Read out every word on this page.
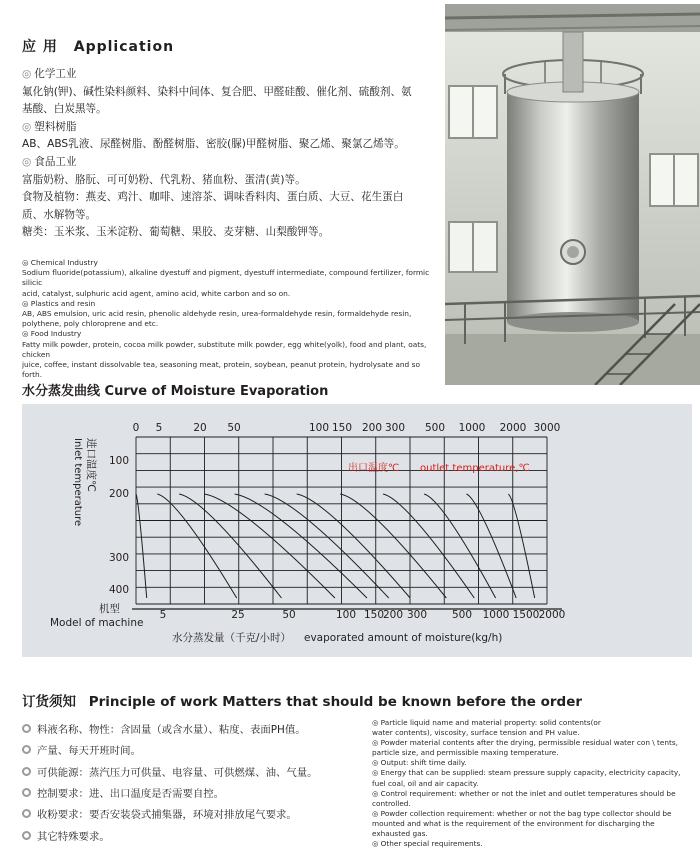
应 用 Application
◎ 化学工业
氟化钠(钾)、碱性染料颜料、染料中间体、复合肥、甲醛硅酸、催化剂、硫酸剂、氨
基酸、白炭黑等。
◎ 塑料树脂
AB、ABS乳液、尿醛树脂、酚醛树脂、密胶(脲)甲醛树脂、聚乙烯、聚氯乙烯等。
◎ 食品工业
富脂奶粉、胳朊、可可奶粉、代乳粉、猪血粉、蛋清(黄)等。
食物及植物：燕麦、鸡汁、咖啡、速溶茶、调味香料肉、蛋白质、大豆、花生蛋白
质、水解物等。
糖类：玉米浆、玉米淀粉、葡萄糖、果胶、麦芽糖、山梨酸钾等。
◎ Chemical Industry
Sodium fluoride(potassium), alkaline dyestuff and pigment, dyestuff intermediate, compound fertilizer, formic silicic
acid, catalyst, sulphuric acid agent, amino acid, white carbon and so on.
◎ Plastics and resin
AB, ABS emulsion, uric acid resin, phenolic aldehyde resin, urea-formaldehyde resin, formaldehyde resin,
polythene, poly chloroprene and etc.
◎ Food Industry
Fatty milk powder, protein, cocoa milk powder, substitute milk powder, egg white(yolk), food and plant, oats, chicken
juice, coffee, instant dissolvable tea, seasoning meat, protein, soybean, peanut protein, hydrolysate and so forth.
水分蒸发曲线 Curve of Moisture Evaporation
0 5	20 50	100 150 200 300 500 1000 2000 3000
100
200
300
400
进口温度℃
Inlet temperature	出口温度℃ outlet temperature,℃
机型
Model of machine
5	25	50	100 150
200 300 500 1000 1500 2000
水分蒸发量（千克/小时） evaporated amount of moisture(kg/h)
订货须知 Principle of work Matters that should be known before the order
料液名称、物性：含固量（或含水量）、粘度、表面PH值。
产量、每天开班时间。
可供能源：蒸汽压力可供量、电容量、可供燃煤、油、气量。
控制要求：进、出口温度是否需要自控。
收粉要求：要否安装袋式捕集器，环境对排放尾气要求。
其它特殊要求。
◎ Particle liquid name and material property: solid contents(or
water contents), viscosity, surface tension and PH value.
◎ Powder material contents after the drying, permissible residual water con \ tents,
particle size, and permissible maxing temperature.
◎ Output: shift time daily.
◎ Energy that can be supplied: steam pressure supply capacity, electricity capacity,
fuel coal, oil and air capacity.
◎ Control requirement: whether or not the inlet and outlet temperatures should be
controlled.
◎ Powder collection requirement: whether or not the bag type collector should be
mounted and what is the requirement of the environment for discharging the
exhausted gas.
◎ Other special requirements.
